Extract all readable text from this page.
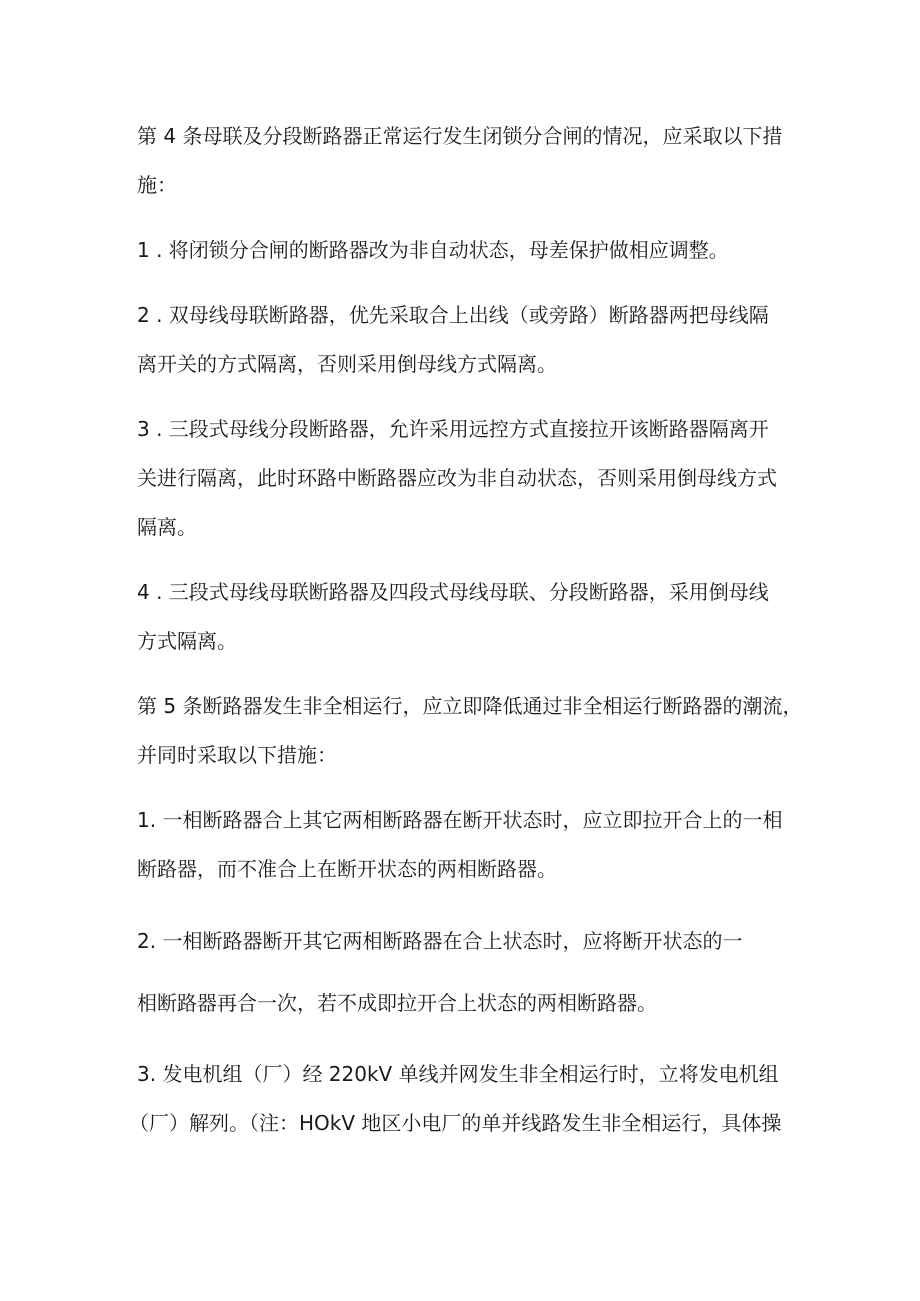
第 4 条母联及分段断路器正常运行发生闭锁分合闸的情况，应采取以下措
施：

1 . 将闭锁分合闸的断路器改为非自动状态，母差保护做相应调整。

2 . 双母线母联断路器，优先采取合上出线（或旁路）断路器两把母线隔
离开关的方式隔离，否则采用倒母线方式隔离。

3 . 三段式母线分段断路器，允许采用远控方式直接拉开该断路器隔离开
关进行隔离，此时环路中断路器应改为非自动状态，否则采用倒母线方式
隔离。

4 . 三段式母线母联断路器及四段式母线母联、分段断路器，采用倒母线
方式隔离。

第 5 条断路器发生非全相运行，应立即降低通过非全相运行断路器的潮流，
并同时采取以下措施：

1. 一相断路器合上其它两相断路器在断开状态时，应立即拉开合上的一相
断路器，而不准合上在断开状态的两相断路器。

2. 一相断路器断开其它两相断路器在合上状态时，应将断开状态的一
相断路器再合一次，若不成即拉开合上状态的两相断路器。

3. 发电机组（厂）经 220kV 单线并网发生非全相运行时，立将发电机组
（厂）解列。（注：HOkV 地区小电厂的单并线路发生非全相运行，具体操
